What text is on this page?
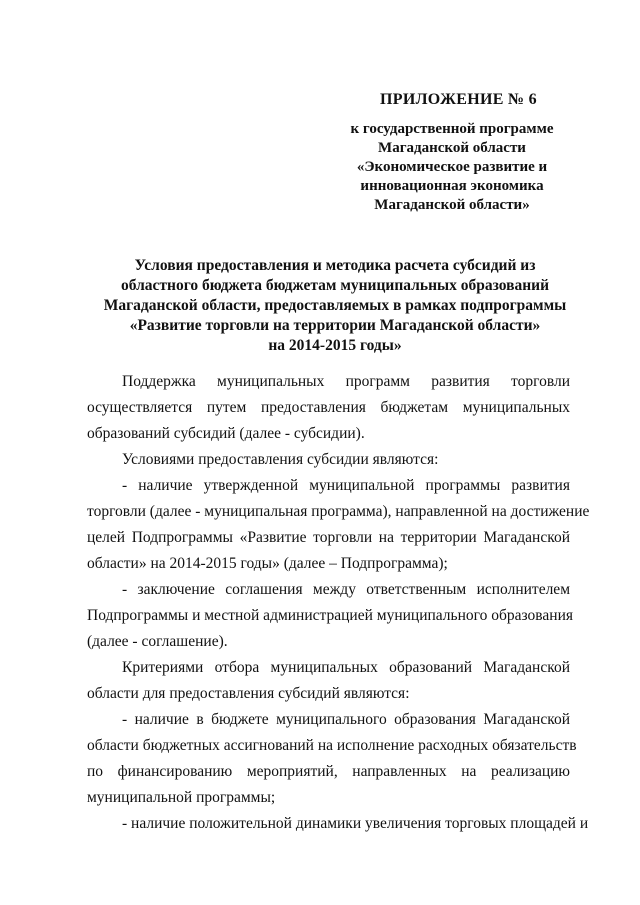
ПРИЛОЖЕНИЕ № 6
к государственной программе
Магаданской области
«Экономическое развитие и
инновационная экономика
Магаданской области»
Условия предоставления и методика расчета субсидий из
областного бюджета бюджетам муниципальных образований
Магаданской области, предоставляемых в рамках подпрограммы
«Развитие торговли на территории Магаданской области»
на 2014-2015 годы»
Поддержка муниципальных программ развития торговли
осуществляется путем предоставления бюджетам муниципальных
образований субсидий (далее - субсидии).
Условиями предоставления субсидии являются:
- наличие утвержденной муниципальной программы развития
торговли (далее - муниципальная программа), направленной на достижение
целей Подпрограммы «Развитие торговли на территории Магаданской
области» на 2014-2015 годы» (далее – Подпрограмма);
- заключение соглашения между ответственным исполнителем
Подпрограммы и местной администрацией муниципального образования
(далее - соглашение).
Критериями отбора муниципальных образований Магаданской
области для предоставления субсидий являются:
- наличие в бюджете муниципального образования Магаданской
области бюджетных ассигнований на исполнение расходных обязательств
по финансированию мероприятий, направленных на реализацию
муниципальной программы;
- наличие положительной динамики увеличения торговых площадей и
